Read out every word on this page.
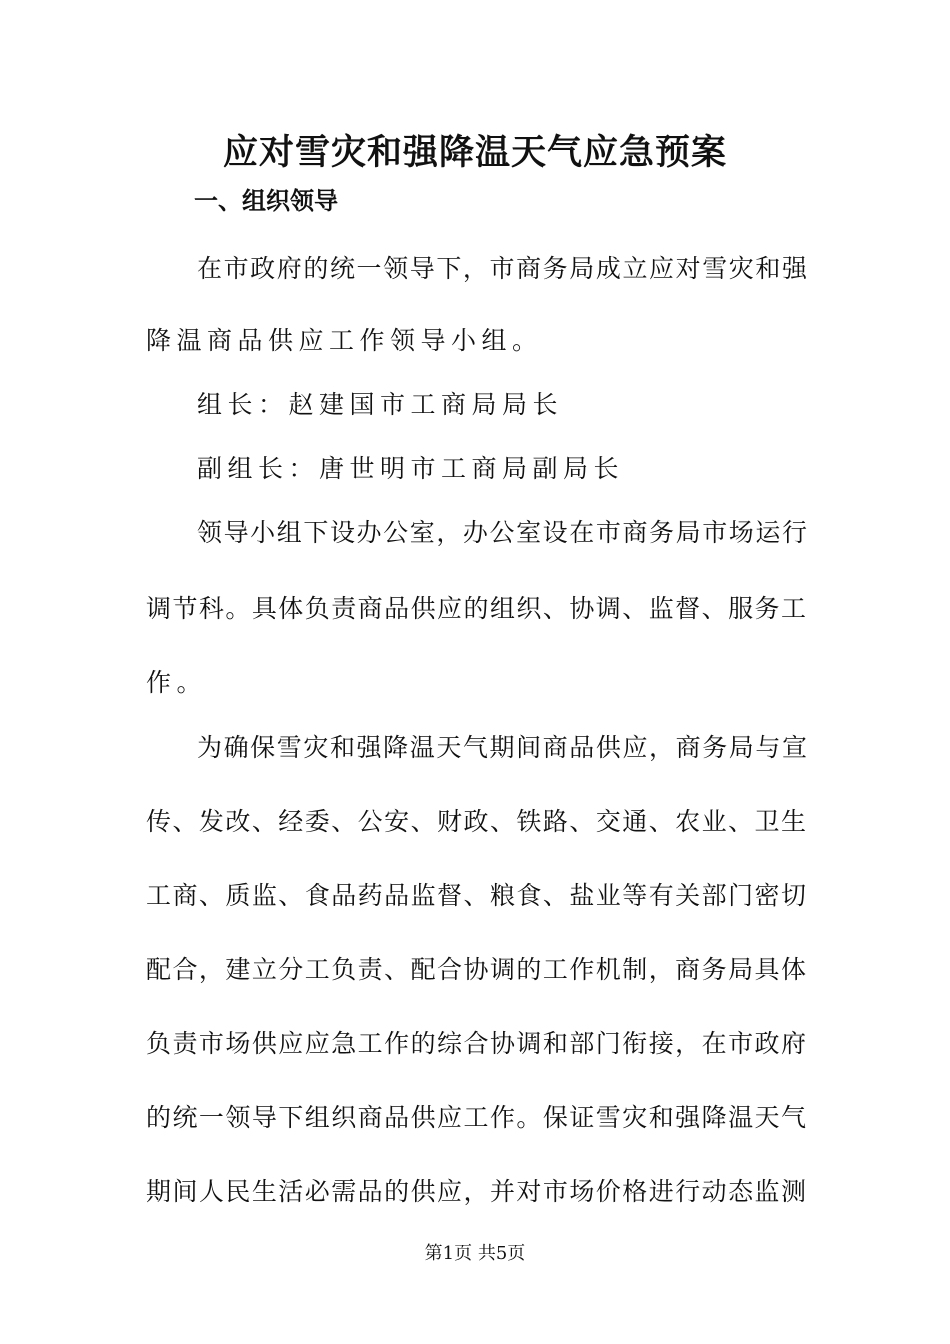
应对雪灾和强降温天气应急预案
一、组织领导

在市政府的统一领导下，市商务局成立应对雪灾和强

降温商品供应工作领导小组。

组长：赵建国市工商局局长

副组长：唐世明市工商局副局长

领导小组下设办公室，办公室设在市商务局市场运行

调节科。具体负责商品供应的组织、协调、监督、服务工

作。

为确保雪灾和强降温天气期间商品供应，商务局与宣

传、发改、经委、公安、财政、铁路、交通、农业、卫生

工商、质监、食品药品监督、粮食、盐业等有关部门密切

配合，建立分工负责、配合协调的工作机制，商务局具体

负责市场供应应急工作的综合协调和部门衔接，在市政府

的统一领导下组织商品供应工作。保证雪灾和强降温天气

期间人民生活必需品的供应，并对市场价格进行动态监测

第1页 共5页
